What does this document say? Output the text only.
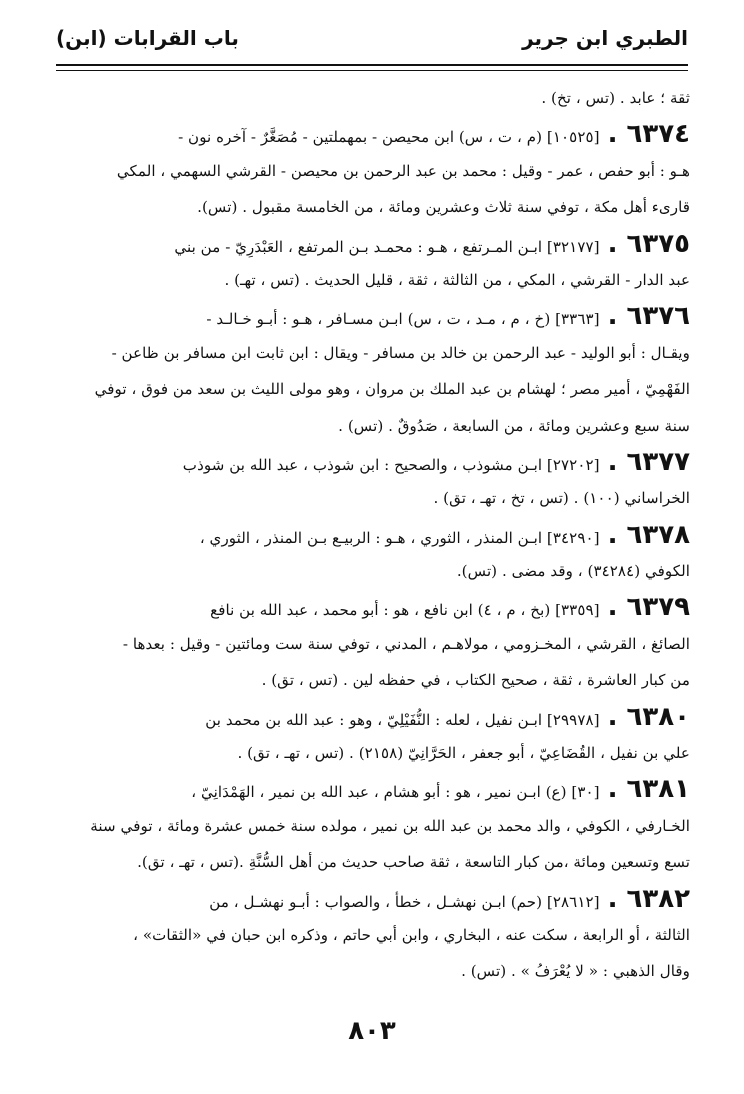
الطبري ابن جرير
باب القرابات (ابن)
ثقة ؛ عابد . (تس ، تخ) .
٦٣٧٤ .[١٠٥٢٥] (م ، ت ، س) ابن محيصن - بمهملتين - مُصَغَّرٌ - آخره نون -
هـو : أبو حفص ، عمر - وقيل : محمد بن عبد الرحمن بن محيصن - القرشي السهمي ، المكي
قارىء أهل مكة ، توفي سنة ثلاث وعشرين ومائة ، من الخامسة مقبول . (تس).
٦٣٧٥ .[٣٢١٧٧] ابـن المـرتفع ، هـو : محمـد بـن المرتفع ، العَبْدَرِيّ - من بني
عبد الدار - القرشي ، المكي ، من الثالثة ، ثقة ، قليل الحديث . (تس ، تهـ) .
٦٣٧٦ .[٣٣٦٣] (خ ، م ، مـد ، ت ، س) ابـن مسـافر ، هـو : أبـو خـالـد -
ويقـال : أبو الوليد - عبد الرحمن بن خالد بن مسافر - ويقال : ابن ثابت ابن مسافر بن ظاعن -
الفَهْمِيّ ، أمير مصر ؛ لهشام بن عبد الملك بن مروان ، وهو مولى الليث بن سعد من فوق ، توفي
سنة سبع وعشرين ومائة ، من السابعة ، صَدُوقٌ . (تس) .
٦٣٧٧ .[٢٧٢٠٢] ابـن مشوذب ، والصحيح : ابن شوذب ، عبد الله بن شوذب
الخراساني (١٠٠) . (تس ، تخ ، تهـ ، تق) .
٦٣٧٨ .[٣٤٢٩٠] ابـن المنذر ، الثوري ، هـو : الربيـع بـن المنذر ، الثوري ،
الكوفي (٣٤٢٨٤) ، وقد مضى . (تس).
٦٣٧٩ .[٣٣٥٩] (بخ ، م ، ٤) ابن نافع ، هو : أبو محمد ، عبد الله بن نافع
الصائغ ، القرشي ، المخـزومي ، مولاهـم ، المدني ، توفي سنة ست ومائتين - وقيل : بعدها -
من كبار العاشرة ، ثقة ، صحيح الكتاب ، في حفظه لين . (تس ، تق) .
٦٣٨٠ .[٢٩٩٧٨] ابـن نفيل ، لعله : النُّفَيْلِيّ ، وهو : عبد الله بن محمد بن
علي بن نفيل ، القُضَاعِيّ ، أبو جعفر ، الحَرَّانِيّ (٢١٥٨) . (تس ، تهـ ، تق) .
٦٣٨١ .[٣٠] (ع) ابـن نمير ، هو : أبو هشام ، عبد الله بن نمير ، الهَمْدَانِيّ ،
الخـارفي ، الكوفي ، والد محمد بن عبد الله بن نمير ، مولده سنة خمس عشرة ومائة ، توفي سنة
تسع وتسعين ومائة ،من كبار التاسعة ، ثقة صاحب حديث من أهل السُّنَّةِ .(تس ، تهـ ، تق).
٦٣٨٢ .[٢٨٦١٢] (حم) ابـن نهشـل ، خطأ ، والصواب : أبـو نهشـل ، من
الثالثة ، أو الرابعة ، سكت عنه ، البخاري ، وابن أبي حاتم ، وذكره ابن حبان في «الثقات» ،
وقال الذهبي : « لا يُعْرَفُ » . (تس) .
٨٠٣
